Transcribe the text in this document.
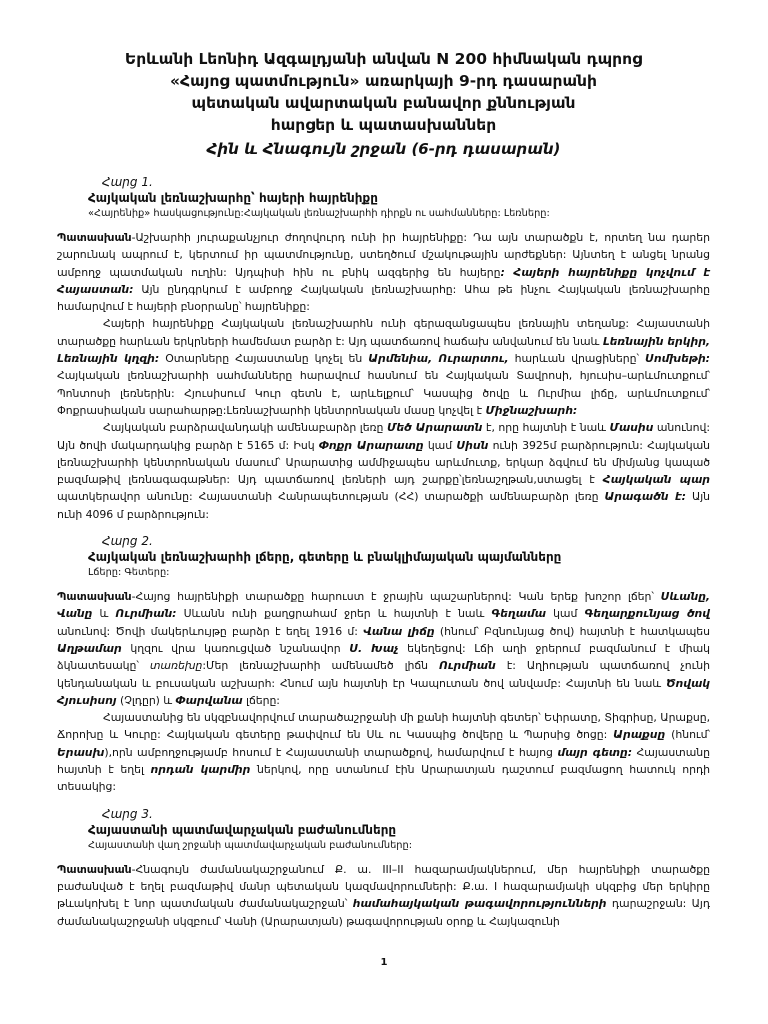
Երևանի Լեոնիդ Ազգալդյանի անվան N 200 հիմնական դպրոց
«Հայոց պատմություն» առարկայի 9-րդ դասարանի
պետական ավարտական բանավոր քննության
հարցեր և պատասխաններ
Հին և Հնագույն շրջան (6-րդ դասարան)
Հարց 1.
Հայկական լեռնաշխարհը՝ հայերի հայրենիքը
«Հայրենիք» հասկացությունը:Հայկական լեռնաշխարհի դիրքն ու սահմանները: Լեռները:

Պատասխան-Աշխարհի յուրաքանչյուր ժողովուրդ ունի իր հայրենիքը: Դա այն տարածքն է, որտեղ նա դարեր շարունակ ապրում է, կերտում իր պատմությունը, ստեղծում մշակութային արժեքներ: Այնտեղ է անցել նրանց ամբողջ պատմական ուղին: Այդպիսի հին ու բնիկ ազգերից են հայերը: Հայերի հայրենիքը կոչվում է Հայաստան: Այն ընդգրկում է ամբողջ Հայկական լեռնաշխարհը: Ահա թե ինչու Հայկական լեռնաշխարհը համարվում է հայերի բնօրրանը՝ հայրենիքը:

Հայերի հայրենիքը Հայկական լեռնաշխարհն ունի գերազանցապես լեռնային տեղանք: Հայաստանի տարածքը հարևան երկրների համեմատ բարձր է: Այդ պատճառով հաճախ անվանում են նաև Լեռնային երկիր, Լեռնային կղզի: Օտարները Հայաստանը կոչել են Արմենիա, Ուրարտու, հարևան վրացիները՝ Սոմխեթի: Հայկական լեռնաշխարհի սահմանները հարավում հասնում են Հայկական Տավրոսի, հյուսիս–արևմուտքում՝ Պոնտոսի լեռներին: Հյուսիսում Կուր գետն է, արևելքում՝ Կասպից ծովը և Ուրմիա լիճը, արևմուտքում՝ Փոքրասիական սարահարթը:Լեռնաշխարհի կենտրոնական մասը կոչվել է Միջնաշխարհ:

Հայկական բարձրավանդակի ամենաբարձր լեռը Մեծ Արարատն է, որը հայտնի է նաև Մասիս անունով: Այն ծովի մակարդակից բարձր է 5165 մ: Իսկ Փոքր Արարատը կամ Սիսն ունի 3925մ բարձրություն: Հայկական լեռնաշխարհի կենտրոնական մասում՝ Արարատից ամմիջապես արևմուտք, երկար ձգվում են միմյանց կապած բազմաթիվ լեռնագագաթներ: Այդ պատճառով լեռների այդ շարքը՝լեռնաշղթան,ստացել է Հայկական պար պատկերավոր անունը: Հայաստանի Հանրապետության (ՀՀ) տարածքի ամենաբարձր լեռը Արագածն է: Այն ունի 4096 մ բարձրություն:

Հարց 2.
Հայկական լեռնաշխարհի լճերը, գետերը և բնակլիմայական պայմանները
Լճերը: Գետերը:

Պատասխան-Հայոց հայրենիքի տարածքը հարուստ է ջրային պաշարներով: Կան երեք խոշոր լճեր՝ Սևանը, Վանը և Ուրմիան: Սևանն ունի քաղցրահամ ջրեր և հայտնի է նաև Գեղամա կամ Գեղարքունյաց ծով անունով: Ծովի մակերևույթը բարձր է եղել 1916 մ: Վանա լիճը (հնում՝ Բզնունյաց ծով) հայտնի է հատկապես Աղթամար կղզու վրա կառուցված նշանավոր Ս. Խաչ եկեղեցով: Լճի աղի ջրերում բազմանում է միակ ձկնատեսակը՝ տառեխը:Մեր լեռնաշխարհի ամենամեծ լիճն Ուրմիան է: Աղիության պատճառով չունի կենդանական և բուսական աշխարհ: Հնում այն հայտնի էր Կապուտան ծով անվամբ: Հայտնի են նաև Ծովակ Հյուսիսոյ (Չլդըր) և Փարվանա լճերը:

Հայաստանից են սկզբնավորվում տարածաշրջանի մի քանի հայտնի գետեր՝ Եփրատը, Տիգրիսը, Արաքսը, Ճորոխը և Կուրը: Հայկական գետերը թափվում են Սև ու Կասպից ծովերը և Պարսից ծոցը: Արաքսը (հնում՝ Երասխ),որն ամբողջությամբ հոսում է Հայաստանի տարածքով, համարվում է հայոց մայր գետը: Հայաստանը հայտնի է եղել որդան կարմիր ներկով, որը ստանում էին Արարատյան դաշտում բազմացող հատուկ որդի տեսակից:

Հարց 3.
Հայաստանի պատմավարչական բաժանումները
Հայաստանի վաղ շրջանի պատմավարչական բաժանումները:

Պատասխան-Հնագույն ժամանակաշրջանում Ք. ա. III–II հազարամյակներում, մեր հայրենիքի տարածքը բաժանված է եղել բազմաթիվ մանր պետական կազմավորումների: Ք.ա. I հազարամյակի սկզբից մեր երկիրը թևակոխել է նոր պատմական ժամանակաշրջան՝ համահայկական թագավորությունների դարաշրջան: Այդ ժամանակաշրջանի սկզբում՝ Վանի (Արարատյան) թագավորության օրոք և Հայկազունի

1
